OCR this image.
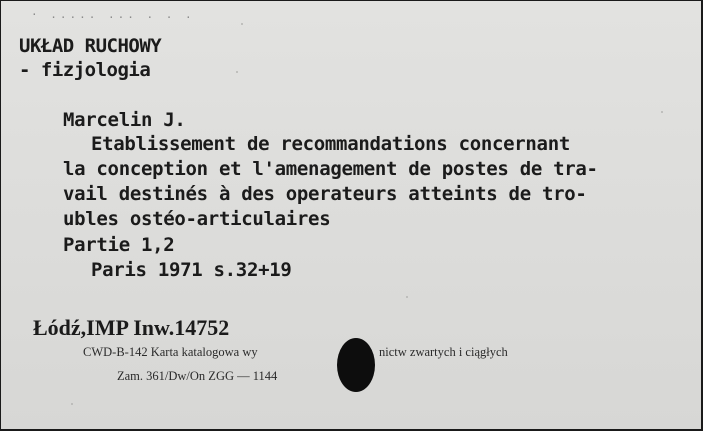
· ..... ... . . .
UKŁAD RUCHOWY
- fizjologia
Marcelin J.
Etablissement de recommandations concernant
la conception et l'amenagement de postes de tra-
vail destinés à des operateurs atteints de tro-
ubles ostéo-articulaires
Partie 1,2
Paris 1971 s.32+19
Łódź,IMP Inw.14752
CWD-B-142 Karta katalogowa wy	nictw zwartych i ciągłych
Zam. 361/Dw/On ZGG — 1144
